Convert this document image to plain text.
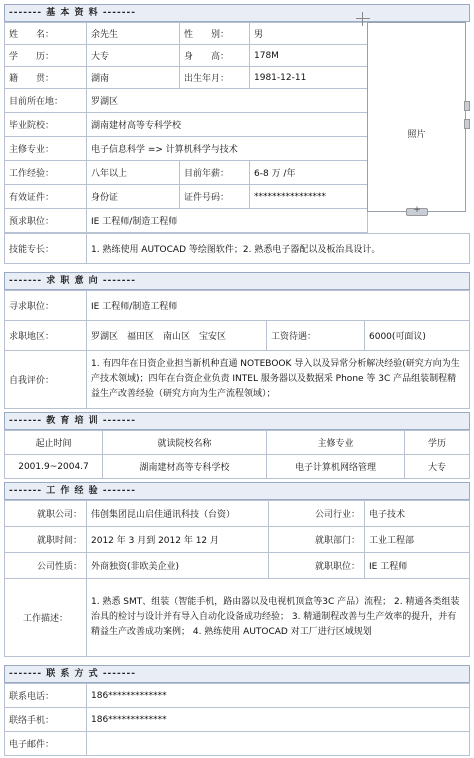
------- 基 本 资 料 -------
姓　　名：	余先生	性　　别：	男
学　　历：	大专	身　　高：	178M
籍　　贯：	湖南	出生年月：	1981-12-11
目前所在地：	罗湖区		
毕业院校：	湖南建材高等专科学校		
主修专业：	电子信息科学 => 计算机科学与技术		
工作经验：	八年以上	目前年薪：	6-8 万 /年
有效证件：	身份证	证件号码：	****************
预求职位：	IE 工程师/制造工程师		
技能专长：	1. 熟练使用 AUTOCAD 等绘图软件；2. 熟悉电子器配以及板治具设计。
------- 求 职 意 向 -------
寻求职位：	IE 工程师/制造工程师		
求职地区：	罗湖区　福田区　南山区　宝安区	工资待遇：	6000(可面议)
自我评价：	1. 有四年在日资企业担当新机种直通 NOTEBOOK 导入以及异常分析解决经验(研究方向为生产技术领域)；四年在台资企业负责 INTEL 服务器以及数据采 Phone 等 3C 产品组装制程精益生产改善经验（研究方向为生产流程领域）；		
------- 教 育 培 训 -------
起止时间	就读院校名称	主修专业	学历
2001.9~2004.7	湖南建材高等专科学校	电子计算机网络管理	大专
------- 工 作 经 验 -------
就职公司：	伟创集团昆山启佳通讯科技（台资）	公司行业：	电子技术
就职时间：	2012 年 3 月到 2012 年 12 月	就职部门：	工业工程部
公司性质：	外商独资(非欧美企业)	就职职位：	IE 工程师
工作描述：	1. 熟悉 SMT、组装（智能手机，路由器以及电视机顶盒等3C 产品）流程； 2. 精通各类组装治具的检讨与设计并有导入自动化设备成功经验； 3. 精通制程改善与生产效率的提升，并有精益生产改善成功案例； 4. 熟练使用 AUTOCAD 对工厂进行区域规划		
------- 联 系 方 式 -------
联系电话：	186*************
联络手机：	186*************
电子邮件：	
照片
+
